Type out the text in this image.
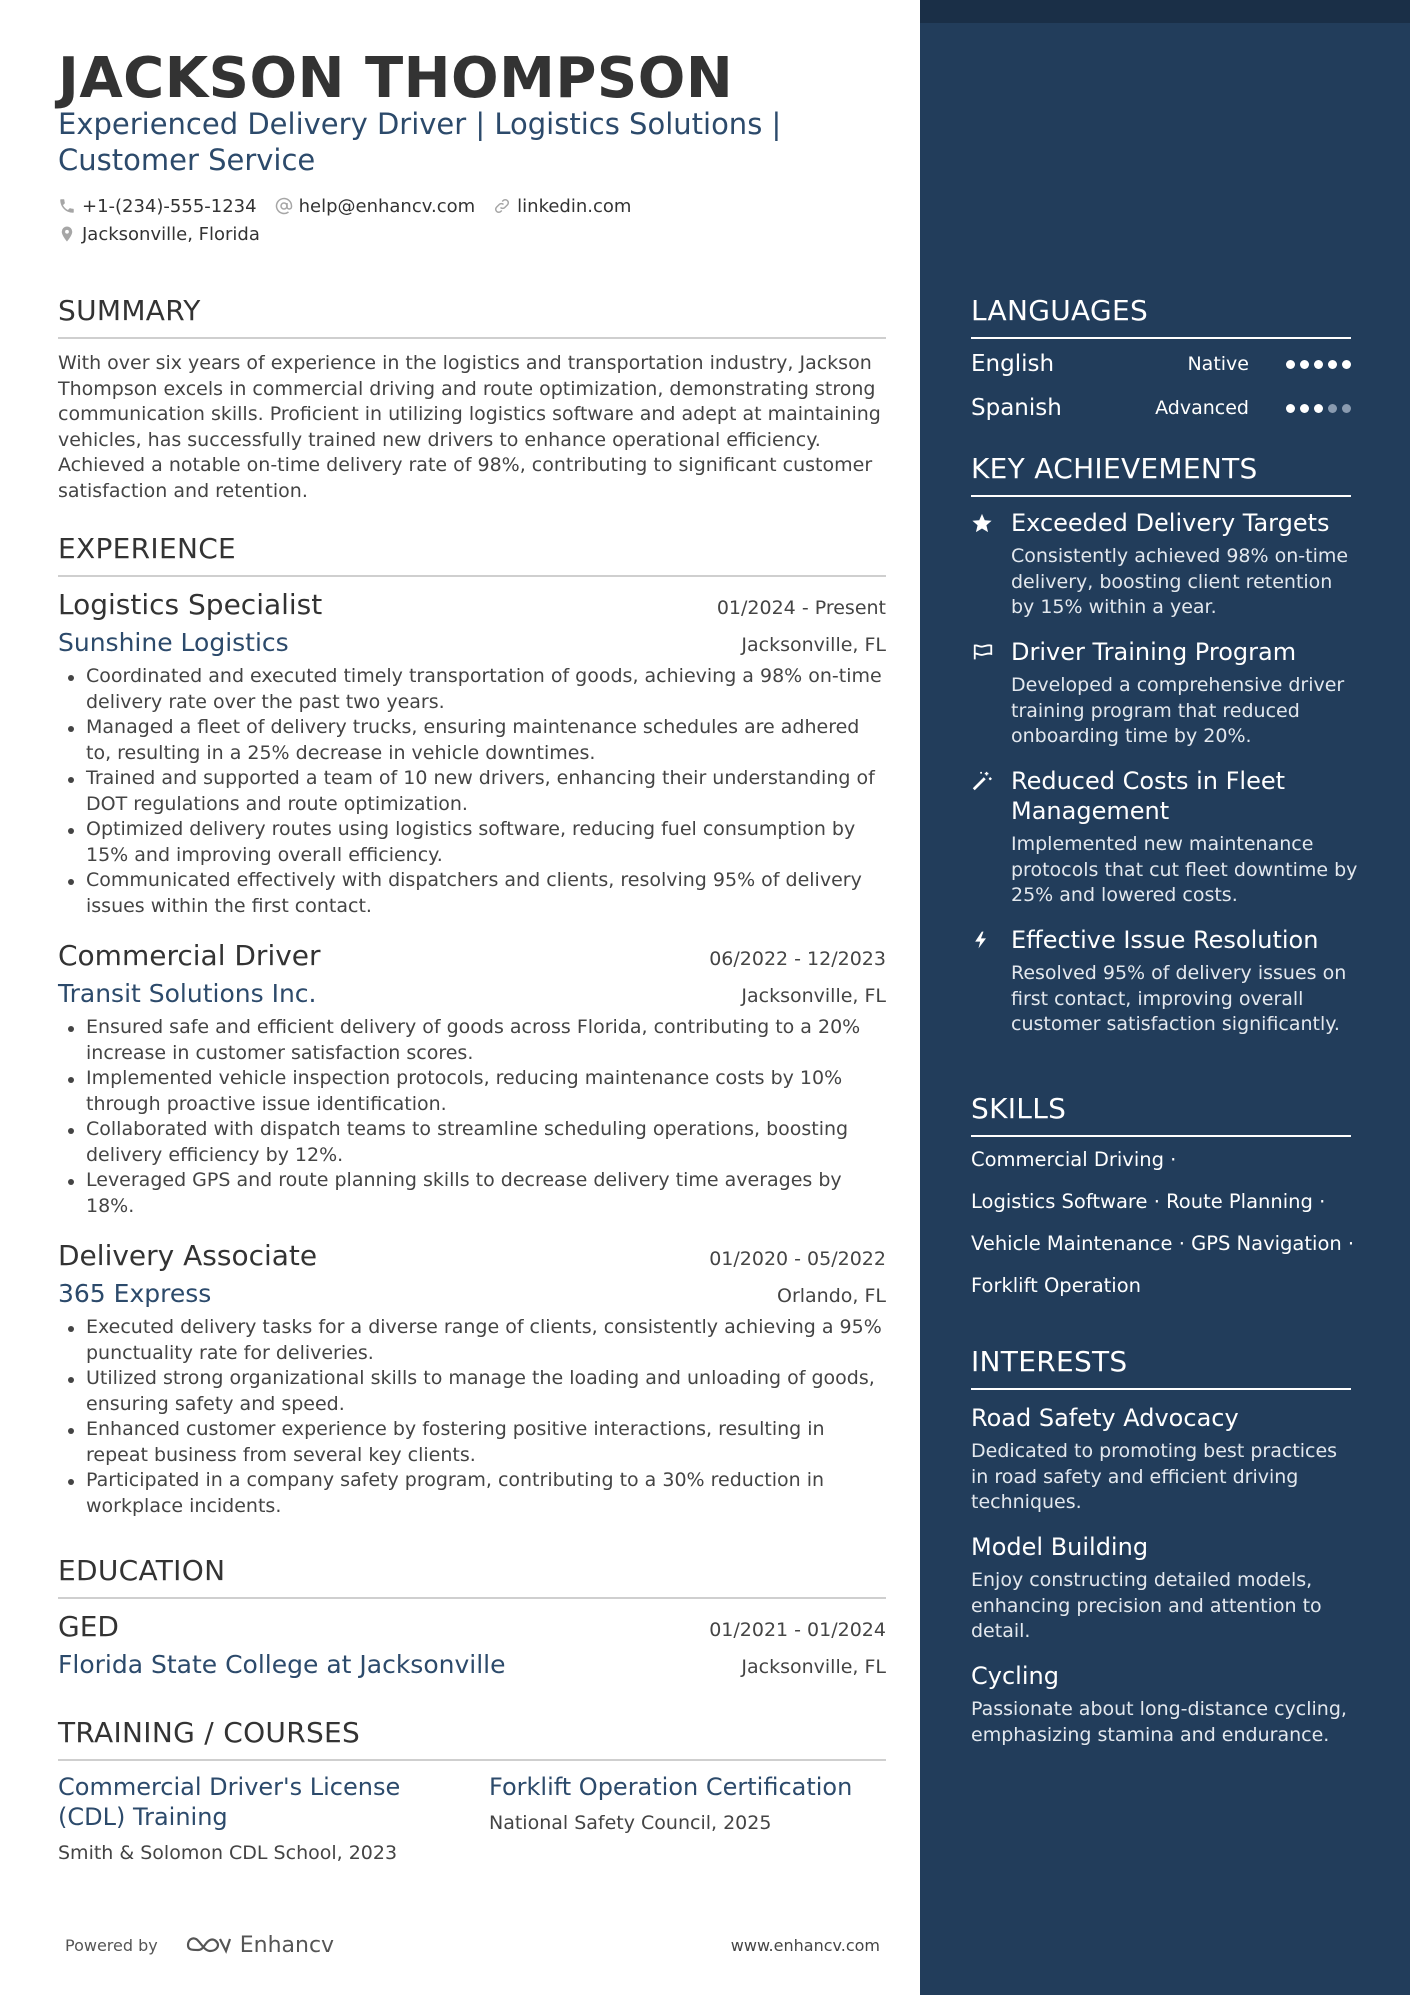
JACKSON THOMPSON
Experienced Delivery Driver | Logistics Solutions | Customer Service
+1-(234)-555-1234 help@enhancv.com linkedin.com
Jacksonville, Florida
SUMMARY
With over six years of experience in the logistics and transportation industry, Jackson Thompson excels in commercial driving and route optimization, demonstrating strong communication skills. Proficient in utilizing logistics software and adept at maintaining vehicles, has successfully trained new drivers to enhance operational efficiency. Achieved a notable on-time delivery rate of 98%, contributing to significant customer satisfaction and retention.
EXPERIENCE
Logistics Specialist	01/2024 - Present
Sunshine Logistics	Jacksonville, FL
Coordinated and executed timely transportation of goods, achieving a 98% on-time delivery rate over the past two years.
Managed a fleet of delivery trucks, ensuring maintenance schedules are adhered to, resulting in a 25% decrease in vehicle downtimes.
Trained and supported a team of 10 new drivers, enhancing their understanding of DOT regulations and route optimization.
Optimized delivery routes using logistics software, reducing fuel consumption by 15% and improving overall efficiency.
Communicated effectively with dispatchers and clients, resolving 95% of delivery issues within the first contact.
Commercial Driver	06/2022 - 12/2023
Transit Solutions Inc.	Jacksonville, FL
Ensured safe and efficient delivery of goods across Florida, contributing to a 20% increase in customer satisfaction scores.
Implemented vehicle inspection protocols, reducing maintenance costs by 10% through proactive issue identification.
Collaborated with dispatch teams to streamline scheduling operations, boosting delivery efficiency by 12%.
Leveraged GPS and route planning skills to decrease delivery time averages by 18%.
Delivery Associate	01/2020 - 05/2022
365 Express	Orlando, FL
Executed delivery tasks for a diverse range of clients, consistently achieving a 95% punctuality rate for deliveries.
Utilized strong organizational skills to manage the loading and unloading of goods, ensuring safety and speed.
Enhanced customer experience by fostering positive interactions, resulting in repeat business from several key clients.
Participated in a company safety program, contributing to a 30% reduction in workplace incidents.
EDUCATION
GED	01/2021 - 01/2024
Florida State College at Jacksonville	Jacksonville, FL
TRAINING / COURSES
Commercial Driver's License (CDL) Training
Smith & Solomon CDL School, 2023
Forklift Operation Certification
National Safety Council, 2025
Powered by	Enhancv	www.enhancv.com
LANGUAGES
English	Native
Spanish	Advanced
KEY ACHIEVEMENTS
Exceeded Delivery Targets
Consistently achieved 98% on-time delivery, boosting client retention by 15% within a year.
Driver Training Program
Developed a comprehensive driver training program that reduced onboarding time by 20%.
Reduced Costs in Fleet Management
Implemented new maintenance protocols that cut fleet downtime by 25% and lowered costs.
Effective Issue Resolution
Resolved 95% of delivery issues on first contact, improving overall customer satisfaction significantly.
SKILLS
Commercial Driving ·
Logistics Software · Route Planning ·
Vehicle Maintenance · GPS Navigation ·
Forklift Operation
INTERESTS
Road Safety Advocacy
Dedicated to promoting best practices in road safety and efficient driving techniques.
Model Building
Enjoy constructing detailed models, enhancing precision and attention to detail.
Cycling
Passionate about long-distance cycling, emphasizing stamina and endurance.
